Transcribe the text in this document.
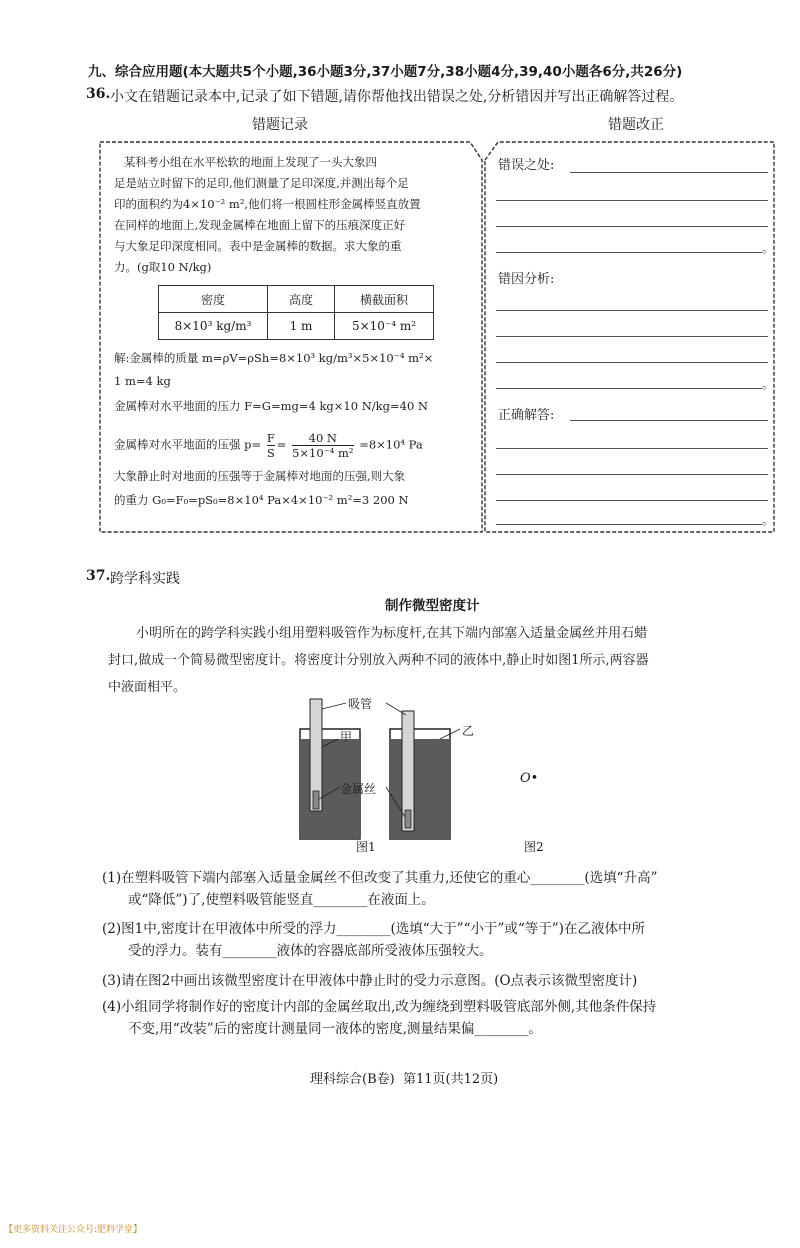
九、综合应用题(本大题共5个小题,36小题3分,37小题7分,38小题4分,39,40小题各6分,共26分)
36. 小文在错题记录本中,记录了如下错题,请你帮他找出错误之处,分析错因并写出正确解答过程。
错题记录	错题改正
某科考小组在水平松软的地面上发现了一头大象四
足是站立时留下的足印,他们测量了足印深度,并测出每个足
印的面积约为4×10⁻² m²,他们将一根圆柱形金属棒竖直放置
在同样的地面上,发现金属棒在地面上留下的压痕深度正好
与大象足印深度相同。表中是金属棒的数据。求大象的重
力。(g取10 N/kg)
密度	高度	横截面积
8×10³ kg/m³	1 m	5×10⁻⁴ m²
解:金属棒的质量 m=ρV=ρSh=8×10³ kg/m³×5×10⁻⁴ m²×
1 m=4 kg
金属棒对水平地面的压力 F=G=mg=4 kg×10 N/kg=40 N
金属棒对水平地面的压强 $p= \frac{F}{S} = \frac{40 N}{\text{5×10⁻⁴ m²}} =8\times 10^4$ Pa
大象静止时对地面的压强等于金属棒对地面的压强,则大象
的重力 G₀=F₀=pS₀=8×10⁴ Pa×4×10⁻² m²=3 200 N
错误之处:
。
错因分析:
。
正确解答:
。
37. 跨学科实践
制作微型密度计
小明所在的跨学科实践小组用塑料吸管作为标度杆,在其下端内部塞入适量金属丝并用石蜡
封口,做成一个简易微型密度计。将密度计分别放入两种不同的液体中,静止时如图1所示,两容器
中液面相平。
吸管
甲	乙
金属丝
O•
图1	图2
(1)在塑料吸管下端内部塞入适量金属丝不但改变了其重力,还使它的重心________(选填“升高”
或“降低”)了,使塑料吸管能竖直________在液面上。
(2)图1中,密度计在甲液体中所受的浮力________(选填“大于”“小于”或“等于”)在乙液体中所
受的浮力。装有________液体的容器底部所受液体压强较大。
(3)请在图2中画出该微型密度计在甲液体中静止时的受力示意图。(O点表示该微型密度计)
(4)小组同学将制作好的密度计内部的金属丝取出,改为缠绕到塑料吸管底部外侧,其他条件保持
不变,用“改装”后的密度计测量同一液体的密度,测量结果偏________。
理科综合(B卷)  第11页(共12页)
【更多资料关注公众号:肥料学堂】
